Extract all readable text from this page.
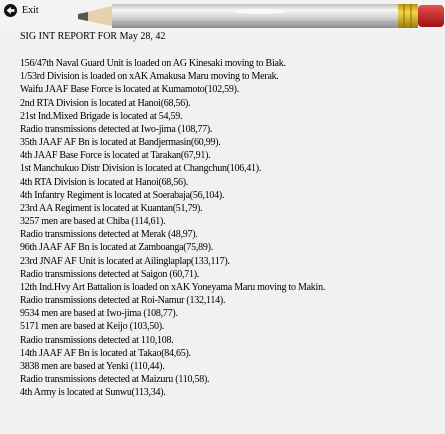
Exit
SIG INT REPORT FOR May 28, 42
156/47th Naval Guard Unit is loaded on AG Kinesaki moving to Biak.
1/53rd Division is loaded on xAK Amakusa Maru moving to Merak.
Waifu JAAF Base Force is located at Kumamoto(102,59).
2nd RTA Division is located at Hanoi(68,56).
21st Ind.Mixed Brigade is located at 54,59.
Radio transmissions detected at Iwo-jima (108,77).
35th JAAF AF Bn is located at Bandjermasin(60,99).
4th JAAF Base Force is located at Tarakan(67,91).
1st Manchukuo Distr Division is located at Changchun(106,41).
4th RTA Division is located at Hanoi(68,56).
4th Infantry Regiment is located at Soerabaja(56,104).
23rd AA Regiment is located at Kuantan(51,79).
3257 men are based at Chiba (114,61).
Radio transmissions detected at Merak (48,97).
96th JAAF AF Bn is located at Zamboanga(75,89).
23rd JNAF AF Unit is located at Ailinglaplap(133,117).
Radio transmissions detected at Saigon (60,71).
12th Ind.Hvy Art Battalion is loaded on xAK Yoneyama Maru moving to Makin.
Radio transmissions detected at Roi-Namur (132,114).
9534 men are based at Iwo-jima (108,77).
5171 men are based at Keijo (103,50).
Radio transmissions detected at 110,108.
14th JAAF AF Bn is located at Takao(84,65).
3838 men are based at Yenki (110,44).
Radio transmissions detected at Maizuru (110,58).
4th Army is located at Sunwu(113,34).
